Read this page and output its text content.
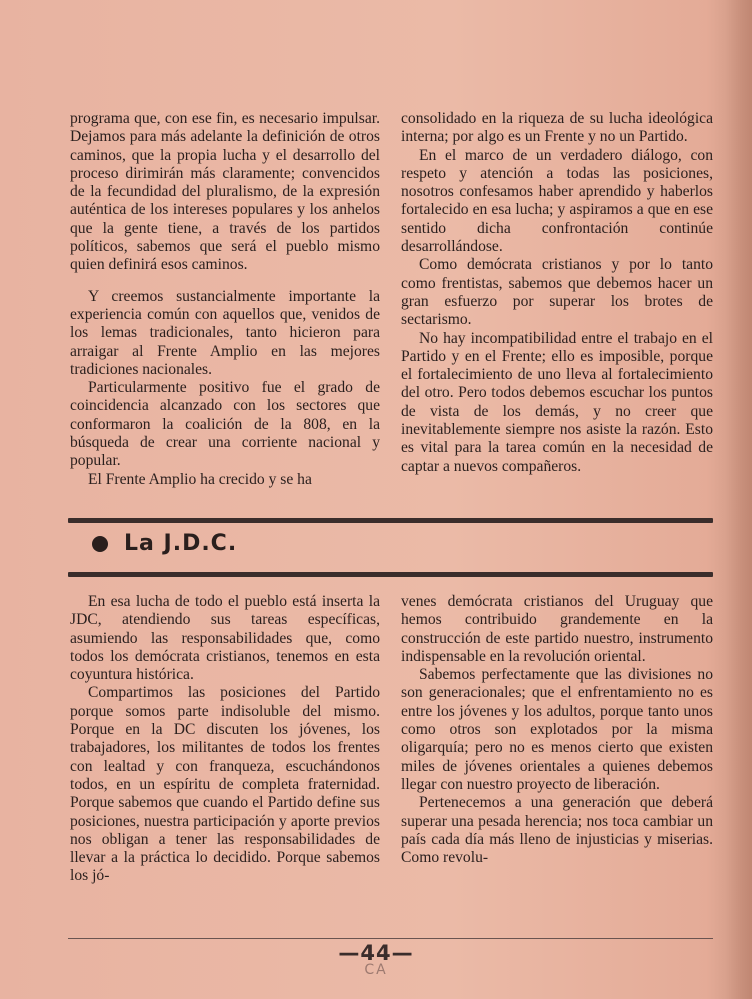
programa que, con ese fin, es necesario impulsar. Dejamos para más adelante la definición de otros caminos, que la propia lucha y el desarrollo del proceso dirimirán más claramente; convencidos de la fecundidad del pluralismo, de la expresión auténtica de los intereses populares y los anhelos que la gente tiene, a través de los partidos políticos, sabemos que será el pueblo mismo quien definirá esos caminos.

Y creemos sustancialmente importante la experiencia común con aquellos que, venidos de los lemas tradicionales, tanto hicieron para arraigar al Frente Amplio en las mejores tradiciones nacionales.

Particularmente positivo fue el grado de coincidencia alcanzado con los sectores que conformaron la coalición de la 808, en la búsqueda de crear una corriente nacional y popular.

El Frente Amplio ha crecido y se ha

consolidado en la riqueza de su lucha ideológica interna; por algo es un Frente y no un Partido.

En el marco de un verdadero diálogo, con respeto y atención a todas las posiciones, nosotros confesamos haber aprendido y haberlos fortalecido en esa lucha; y aspiramos a que en ese sentido dicha confrontación continúe desarrollándose.

Como demócrata cristianos y por lo tanto como frentistas, sabemos que debemos hacer un gran esfuerzo por superar los brotes de sectarismo.

No hay incompatibilidad entre el trabajo en el Partido y en el Frente; ello es imposible, porque el fortalecimiento de uno lleva al fortalecimiento del otro. Pero todos debemos escuchar los puntos de vista de los demás, y no creer que inevitablemente siempre nos asiste la razón. Esto es vital para la tarea común en la necesidad de captar a nuevos compañeros.

La J.D.C.

En esa lucha de todo el pueblo está inserta la JDC, atendiendo sus tareas específicas, asumiendo las responsabilidades que, como todos los demócrata cristianos, tenemos en esta coyuntura histórica.

Compartimos las posiciones del Partido porque somos parte indisoluble del mismo. Porque en la DC discuten los jóvenes, los trabajadores, los militantes de todos los frentes con lealtad y con franqueza, escuchándonos todos, en un espíritu de completa fraternidad. Porque sabemos que cuando el Partido define sus posiciones, nuestra participación y aporte previos nos obligan a tener las responsabilidades de llevar a la práctica lo decidido. Porque sabemos los jó-

venes demócrata cristianos del Uruguay que hemos contribuido grandemente en la construcción de este partido nuestro, instrumento indispensable en la revolución oriental.

Sabemos perfectamente que las divisiones no son generacionales; que el enfrentamiento no es entre los jóvenes y los adultos, porque tanto unos como otros son explotados por la misma oligarquía; pero no es menos cierto que existen miles de jóvenes orientales a quienes debemos llegar con nuestro proyecto de liberación.

Pertenecemos a una generación que deberá superar una pesada herencia; nos toca cambiar un país cada día más lleno de injusticias y miserias. Como revolu-

—44—
CA
